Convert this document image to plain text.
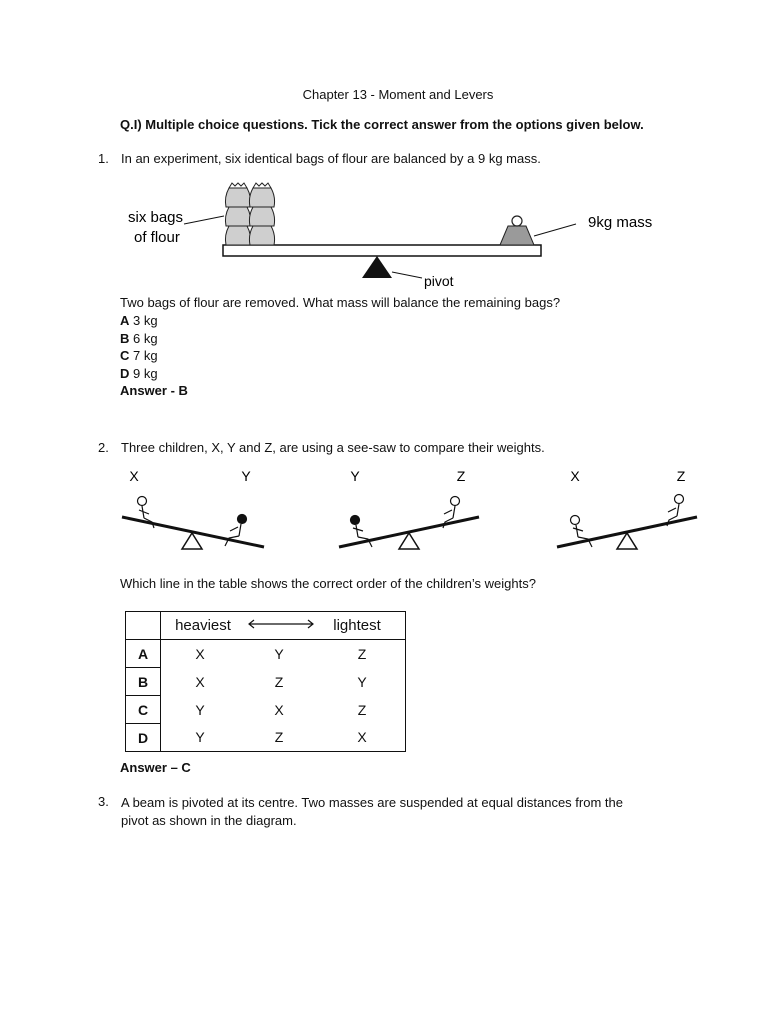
Chapter 13 - Moment and Levers
Q.I) Multiple choice questions. Tick the correct answer from the options given below.
1. In an experiment, six identical bags of flour are balanced by a 9 kg mass.
pivot
six bags
of flour
9kg mass
Two bags of flour are removed. What mass will balance the remaining bags?
A 3 kg
B 6 kg
C 7 kg
D 9 kg
Answer - B
2. Three children, X, Y and Z, are using a see-saw to compare their weights.
X	Y	Y	Z	X	Z
Which line in the table shows the correct order of the children’s weights?

	heaviest lightest

A	X Y Z

B	X Z Y

C	Y X Z

D	Y Z X
Answer – C
3. A beam is pivoted at its centre. Two masses are suspended at equal distances from the
pivot as shown in the diagram.
